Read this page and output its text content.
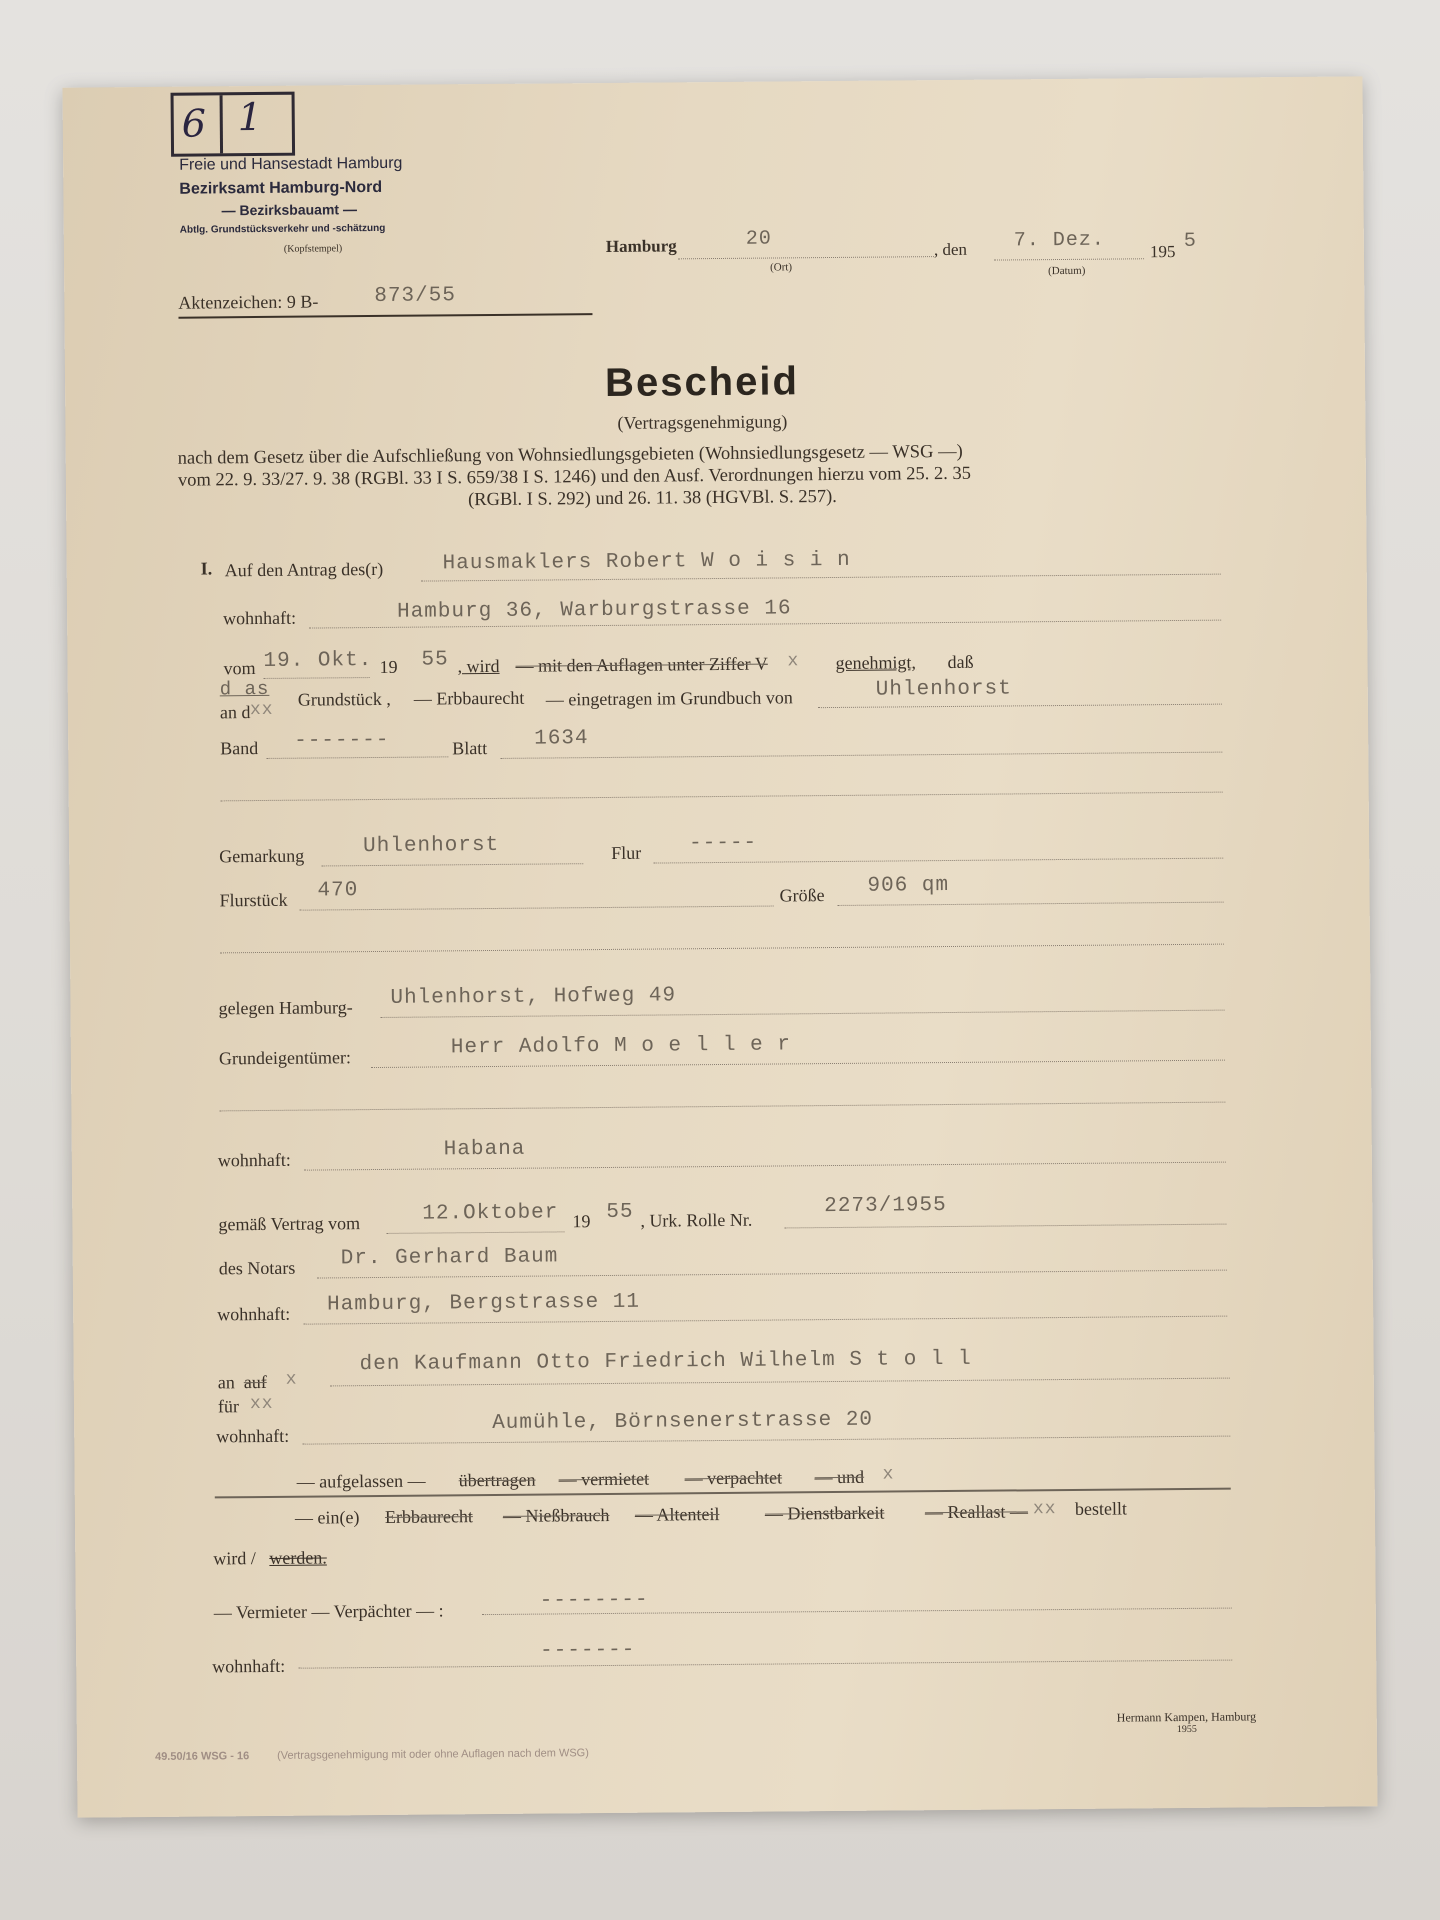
6 1
Freie und Hansestadt Hamburg
Bezirksamt Hamburg-Nord
— Bezirksbauamt —
Abtlg. Grundstücksverkehr und -schätzung
(Kopfstempel)	Hamburg	20
(Ort)
, den 7. Dez.
(Datum)
195 5
Aktenzeichen: 9 B-	873/55
Bescheid
(Vertragsgenehmigung)
nach dem Gesetz über die Aufschließung von Wohnsiedlungsgebieten (Wohnsiedlungsgesetz — WSG —)
vom 22. 9. 33/27. 9. 38 (RGBl. 33 I S. 659/38 I S. 1246) und den Ausf. Verordnungen hierzu vom 25. 2. 35
(RGBl. I S. 292) und 26. 11. 38 (HGVBl. S. 257).
I. Auf den Antrag des(r)	Hausmaklers Robert W o i s i n
wohnhaft:	Hamburg 36, Warburgstrasse 16
vom 19. Okt. 19 55 , wird — mit den Auflagen unter Ziffer V x genehmigt, daß
d as
an d xx
Grundstück , — Erbbaurecht — eingetragen im Grundbuch von	Uhlenhorst
Band -------	Blatt 1634
Gemarkung	Uhlenhorst	Flur -----
Flurstück 470	Größe 906 qm
gelegen Hamburg- Uhlenhorst, Hofweg 49
Grundeigentümer:	Herr Adolfo M o e l l e r
wohnhaft:	Habana
gemäß Vertrag vom	12.Oktober 19 55 , Urk. Rolle Nr.
2273/1955
des Notars Dr. Gerhard Baum
wohnhaft: Hamburg, Bergstrasse 11
an auf x
für xx
den Kaufmann Otto Friedrich Wilhelm S t o l l
wohnhaft:
Aumühle, Börnsenerstrasse 20
— aufgelassen — übertragen — vermietet — verpachtet — und x
— ein(e) Erbbaurecht — Nießbrauch — Altenteil	— Dienstbarkeit — Reallast — xx bestellt
wird / werden.
— Vermieter — Verpächter — :	--------
wohnhaft:
-------
49.50/16 WSG - 16	(Vertragsgenehmigung mit oder ohne Auflagen nach dem WSG)
Hermann Kampen, Hamburg
1955
